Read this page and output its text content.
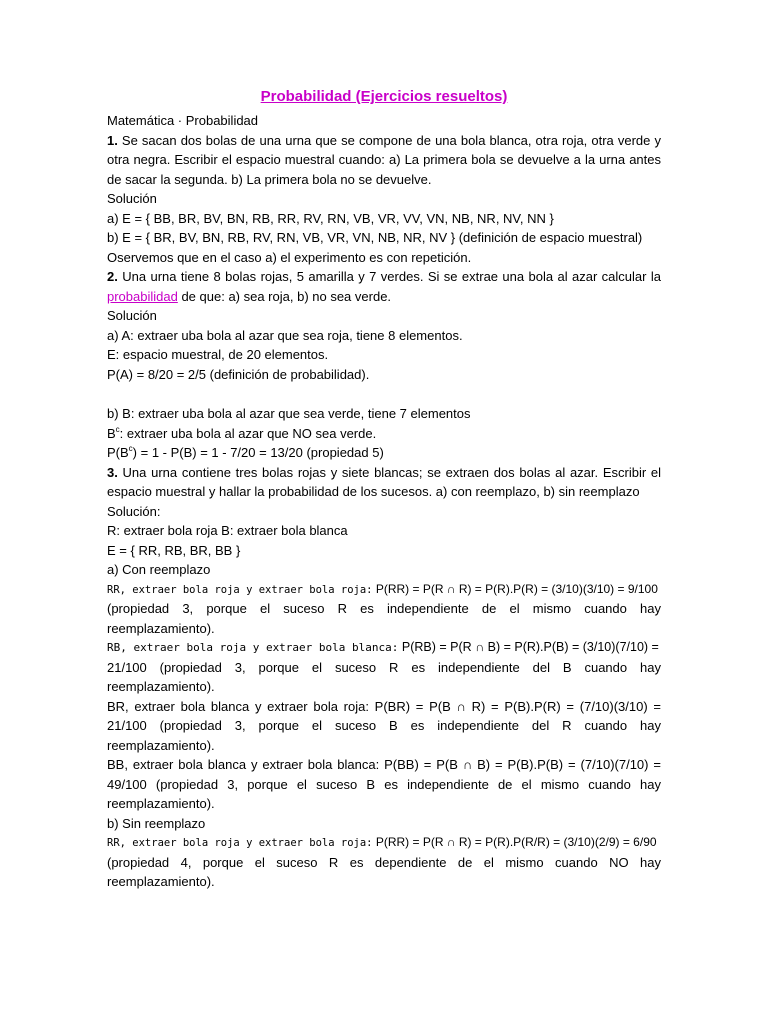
Probabilidad (Ejercicios resueltos)
Matemática · Probabilidad
1. Se sacan dos bolas de una urna que se compone de una bola blanca, otra roja, otra verde y
otra negra. Escribir el espacio muestral cuando: a) La primera bola se devuelve a la urna antes
de sacar la segunda. b) La primera bola no se devuelve.
Solución
a) E = { BB, BR, BV, BN, RB, RR, RV, RN, VB, VR, VV, VN, NB, NR, NV, NN }
b) E = { BR, BV, BN, RB, RV, RN, VB, VR, VN, NB, NR, NV } (definición de espacio muestral)
Oservemos que en el caso a) el experimento es con repetición.
2. Una urna tiene 8 bolas rojas, 5 amarilla y 7 verdes. Si se extrae una bola al azar calcular la
probabilidad de que: a) sea roja, b) no sea verde.
Solución
a) A: extraer uba bola al azar que sea roja, tiene 8 elementos.
E: espacio muestral, de 20 elementos.
P(A) = 8/20 = 2/5 (definición de probabilidad).
b) B: extraer uba bola al azar que sea verde, tiene 7 elementos
$B^c$: extraer uba bola al azar que NO sea verde.
$P(B^c) = 1 - P(B) = 1 - 7/20 = 13/20$ (propiedad 5)
3. Una urna contiene tres bolas rojas y siete blancas; se extraen dos bolas al azar. Escribir el
espacio muestral y hallar la probabilidad de los sucesos. a) con reemplazo, b) sin reemplazo
Solución:
R: extraer bola roja B: extraer bola blanca
E = { RR, RB, BR, BB }
a) Con reemplazo
RR, extraer bola roja y extraer bola roja: P(RR) = P(R ∩ R) = P(R).P(R) = (3/10)(3/10) = 9/100
(propiedad 3, porque el suceso R es independiente de el mismo cuando hay
reemplazamiento).
RB, extraer bola roja y extraer bola blanca: P(RB) = P(R ∩ B) = P(R).P(B) = (3/10)(7/10) =
21/100 (propiedad 3, porque el suceso R es independiente del B cuando hay
reemplazamiento).
BR, extraer bola blanca y extraer bola roja: P(BR) = P(B ∩ R) = P(B).P(R) = (7/10)(3/10) =
21/100 (propiedad 3, porque el suceso B es independiente del R cuando hay
reemplazamiento).
BB, extraer bola blanca y extraer bola blanca: P(BB) = P(B ∩ B) = P(B).P(B) = (7/10)(7/10) =
49/100 (propiedad 3, porque el suceso B es independiente de el mismo cuando hay
reemplazamiento).
b) Sin reemplazo
RR, extraer bola roja y extraer bola roja: P(RR) = P(R ∩ R) = P(R).P(R/R) = (3/10)(2/9) = 6/90
(propiedad 4, porque el suceso R es dependiente de el mismo cuando NO hay
reemplazamiento).
